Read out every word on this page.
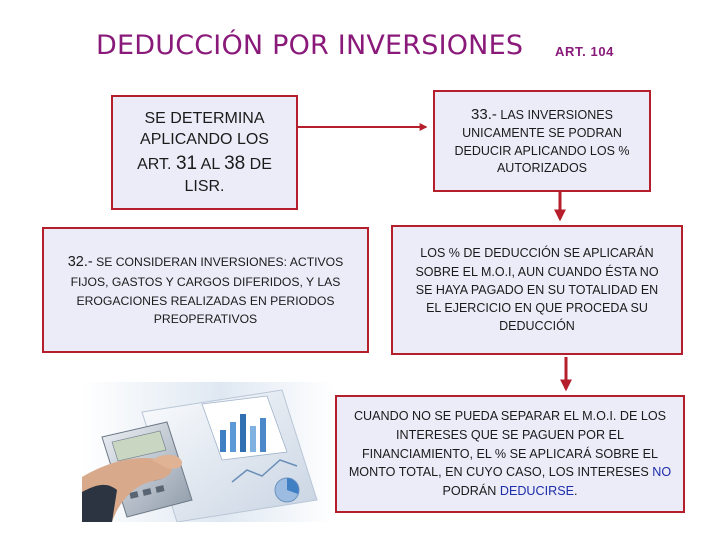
DEDUCCIÓN POR INVERSIONES ART. 104
SE DETERMINA
APLICANDO LOS
ART. 31 AL 38 DE
LISR.
33.- LAS INVERSIONES
UNICAMENTE SE PODRAN
DEDUCIR APLICANDO LOS %
AUTORIZADOS
32.- SE CONSIDERAN INVERSIONES: ACTIVOS
FIJOS, GASTOS Y CARGOS DIFERIDOS, Y LAS
EROGACIONES REALIZADAS EN PERIODOS
PREOPERATIVOS
LOS % DE DEDUCCIÓN SE APLICARÁN
SOBRE EL M.O.I, AUN CUANDO ÉSTA NO
SE HAYA PAGADO EN SU TOTALIDAD EN
EL EJERCICIO EN QUE PROCEDA SU
DEDUCCIÓN
CUANDO NO SE PUEDA SEPARAR EL M.O.I. DE LOS
INTERESES QUE SE PAGUEN POR EL
FINANCIAMIENTO, EL % SE APLICARÁ SOBRE EL
MONTO TOTAL, EN CUYO CASO, LOS INTERESES NO
PODRÁN DEDUCIRSE.
